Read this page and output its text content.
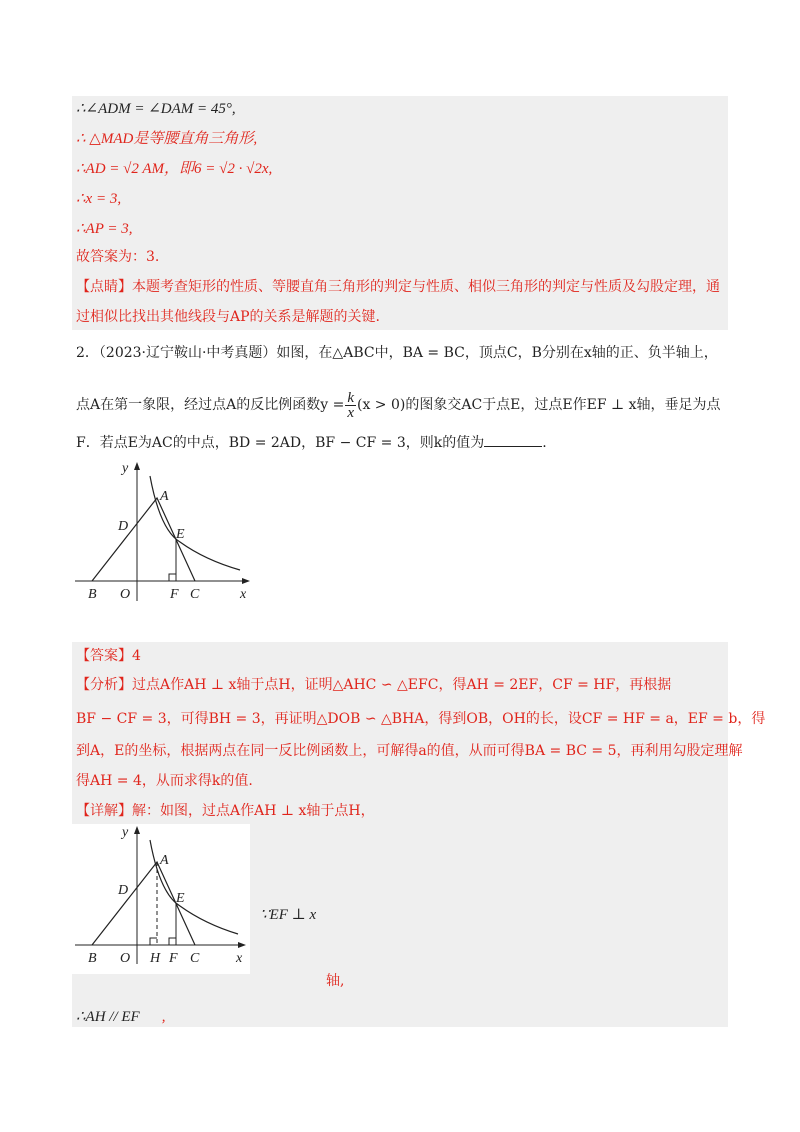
∴∠ADM = ∠DAM = 45°,
∴ △MAD是等腰直角三角形,
∴AD = √2 AM，即6 = √2 · √2x,
∴x = 3,
∴AP = 3,
故答案为：3.
【点睛】本题考查矩形的性质、等腰直角三角形的判定与性质、相似三角形的判定与性质及勾股定理，通
过相似比找出其他线段与AP的关系是解题的关键.
2．（2023·辽宁鞍山·中考真题）如图，在△ABC中，BA = BC，顶点C，B分别在x轴的正、负半轴上，
点A在第一象限，经过点A的反比例函数$y = \frac{k}{x} (x > 0)$的图象交AC于点E，过点E作EF ⊥ x轴，垂足为点
F．若点E为AC的中点，BD = 2AD，BF − CF = 3，则k的值为	.
y
x
A
D
E
B O	F C
【答案】4
【分析】过点A作AH ⊥ x轴于点H，证明△AHC ∽ △EFC，得AH = 2EF，CF = HF，再根据
BF − CF = 3，可得BH = 3，再证明△DOB ∽ △BHA，得到OB，OH的长，设CF = HF = a，EF = b，得
到A，E的坐标，根据两点在同一反比例函数上，可解得a的值，从而可得BA = BC = 5，再利用勾股定理解
得AH = 4，从而求得k的值.
【详解】解：如图，过点A作AH ⊥ x轴于点H，
y
x
A
D
E
B O H F C
∵EF ⊥ x
轴,
∴AH // EF ,
